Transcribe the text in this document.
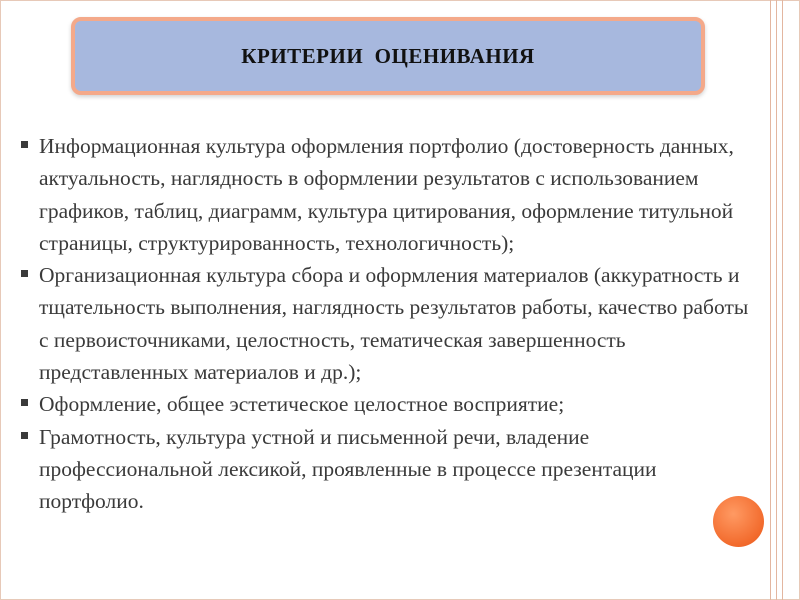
КРИТЕРИИ  ОЦЕНИВАНИЯ
Информационная культура оформления портфолио (достоверность данных, актуальность, наглядность в оформлении результатов с использованием графиков, таблиц, диаграмм, культура цитирования, оформление титульной страницы, структурированность, технологичность);
Организационная культура сбора и оформления материалов (аккуратность и тщательность выполнения, наглядность результатов работы, качество работы с первоисточниками, целостность, тематическая завершенность представленных материалов и др.);
Оформление, общее эстетическое целостное восприятие;
Грамотность, культура устной и письменной речи, владение профессиональной лексикой, проявленные в процессе презентации портфолио.
